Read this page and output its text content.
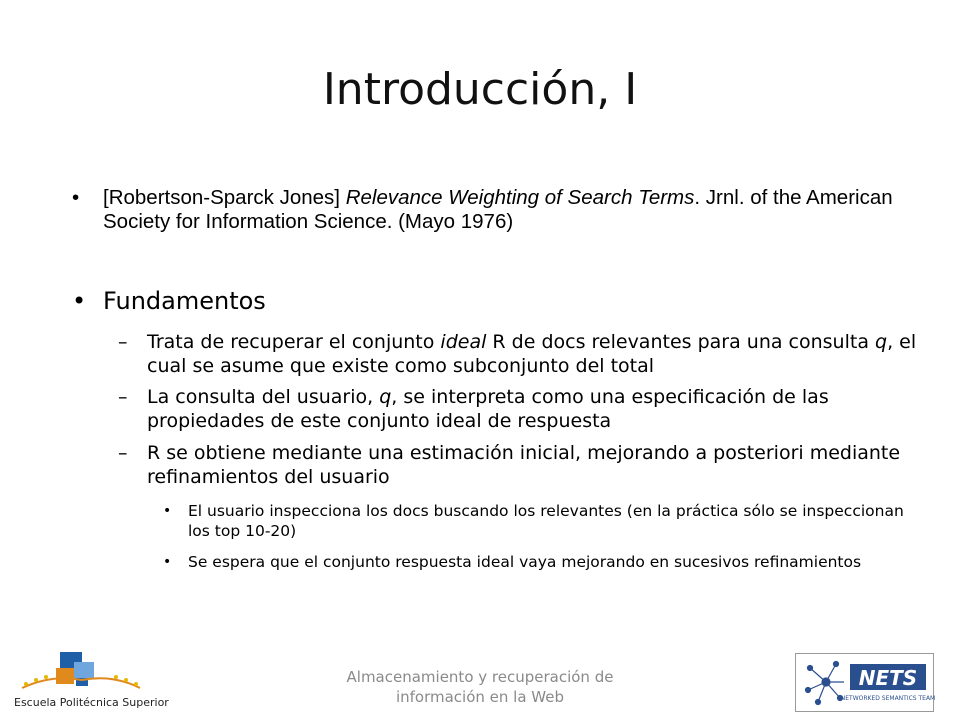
Introducción, I
• [Robertson-Sparck Jones] Relevance Weighting of Search Terms. Jrnl. of the American Society for Information Science. (Mayo 1976)
• Fundamentos
– Trata de recuperar el conjunto ideal R de docs relevantes para una consulta q, el cual se asume que existe como subconjunto del total
– La consulta del usuario, q, se interpreta como una especificación de las propiedades de este conjunto ideal de respuesta
– R se obtiene mediante una estimación inicial, mejorando a posteriori mediante refinamientos del usuario
• El usuario inspecciona los docs buscando los relevantes (en la práctica sólo se inspeccionan los top 10-20)
• Se espera que el conjunto respuesta ideal vaya mejorando en sucesivos refinamientos
Almacenamiento y recuperación de información en la Web
Escuela Politécnica Superior
NETS
NETWORKED SEMANTICS TEAM
